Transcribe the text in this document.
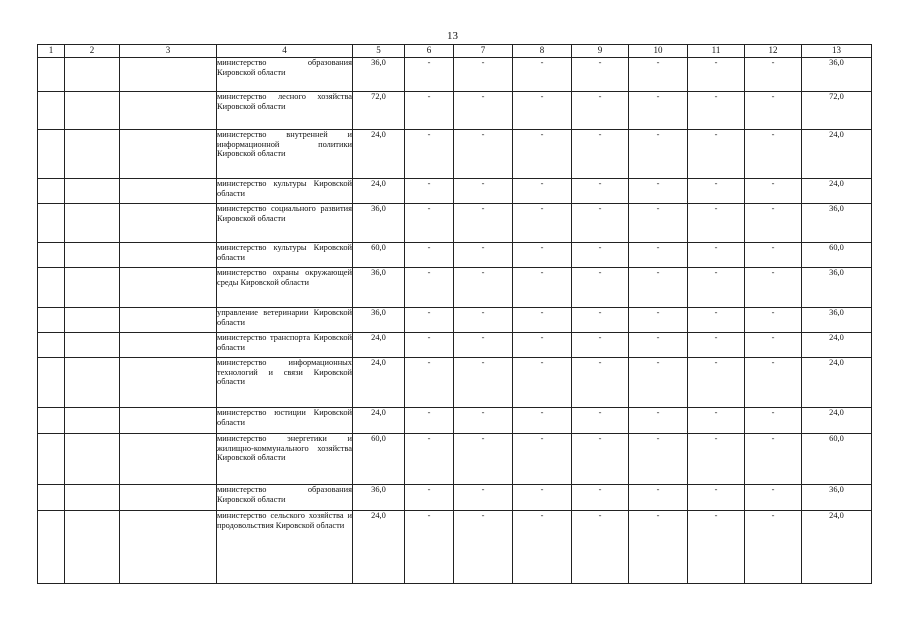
13
1	2	3	4	5	6	7	8	9	10	11	12	13
			министерство образования Кировской области	36,0	-	-	-	-	-	-	-	36,0
			министерство лесного хозяйства Кировской области	72,0	-	-	-	-	-	-	-	72,0
			министерство внутренней и информационной политики Кировской области	24,0	-	-	-	-	-	-	-	24,0
			министерство культуры Кировской области	24,0	-	-	-	-	-	-	-	24,0
			министерство социального развития Кировской области	36,0	-	-	-	-	-	-	-	36,0
			министерство культуры Кировской области	60,0	-	-	-	-	-	-	-	60,0
			министерство охраны окружающей среды Кировской области	36,0	-	-	-	-	-	-	-	36,0
			управление ветеринарии Кировской области	36,0	-	-	-	-	-	-	-	36,0
			министерство транспорта Кировской области	24,0	-	-	-	-	-	-	-	24,0
			министерство информационных технологий и связи Кировской области	24,0	-	-	-	-	-	-	-	24,0
			министерство юстиции Кировской области	24,0	-	-	-	-	-	-	-	24,0
			министерство энергетики и жилищно-коммунального хозяйства Кировской области	60,0	-	-	-	-	-	-	-	60,0
			министерство образования Кировской области	36,0	-	-	-	-	-	-	-	36,0
			министерство сельского хозяйства и продовольствия Кировской области	24,0	-	-	-	-	-	-	-	24,0
